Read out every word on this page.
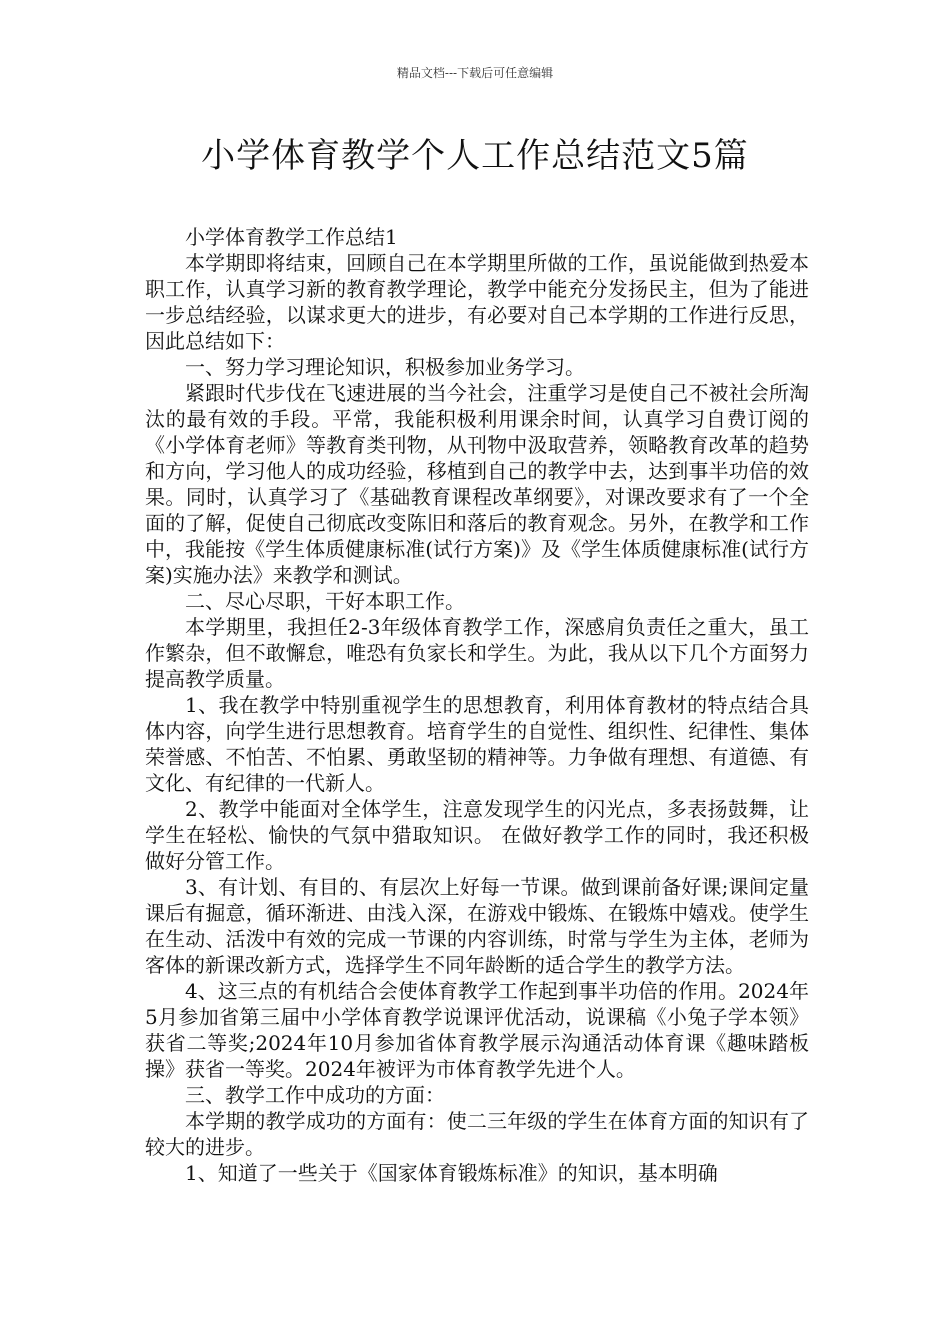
精品文档---下载后可任意编辑
小学体育教学个人工作总结范文5篇

小学体育教学工作总结1

本学期即将结束，回顾自己在本学期里所做的工作，虽说能做到热爱本职工作，认真学习新的教育教学理论，教学中能充分发扬民主，但为了能进一步总结经验，以谋求更大的进步，有必要对自己本学期的工作进行反思，因此总结如下：

一、努力学习理论知识，积极参加业务学习。

紧跟时代步伐在飞速进展的当今社会，注重学习是使自己不被社会所淘汰的最有效的手段。平常，我能积极利用课余时间，认真学习自费订阅的《小学体育老师》等教育类刊物，从刊物中汲取营养，领略教育改革的趋势和方向，学习他人的成功经验，移植到自己的教学中去，达到事半功倍的效果。同时，认真学习了《基础教育课程改革纲要》，对课改要求有了一个全面的了解，促使自己彻底改变陈旧和落后的教育观念。另外，在教学和工作中，我能按《学生体质健康标准(试行方案)》及《学生体质健康标准(试行方案)实施办法》来教学和测试。

二、尽心尽职，干好本职工作。

本学期里，我担任2-3年级体育教学工作，深感肩负责任之重大，虽工作繁杂，但不敢懈怠，唯恐有负家长和学生。为此，我从以下几个方面努力提高教学质量。

1、我在教学中特别重视学生的思想教育，利用体育教材的特点结合具体内容，向学生进行思想教育。培育学生的自觉性、组织性、纪律性、集体荣誉感、不怕苦、不怕累、勇敢坚韧的精神等。力争做有理想、有道德、有文化、有纪律的一代新人。

2、教学中能面对全体学生，注意发现学生的闪光点，多表扬鼓舞，让学生在轻松、愉快的气氛中猎取知识。 在做好教学工作的同时，我还积极做好分管工作。

3、有计划、有目的、有层次上好每一节课。做到课前备好课;课间定量课后有掘意，循环渐进、由浅入深，在游戏中锻炼、在锻炼中嬉戏。使学生在生动、活泼中有效的完成一节课的内容训练，时常与学生为主体，老师为客体的新课改新方式，选择学生不同年龄断的适合学生的教学方法。

4、这三点的有机结合会使体育教学工作起到事半功倍的作用。2024年5月参加省第三届中小学体育教学说课评优活动，说课稿《小兔子学本领》获省二等奖;2024年10月参加省体育教学展示沟通活动体育课《趣味踏板操》获省一等奖。2024年被评为市体育教学先进个人。

三、教学工作中成功的方面：

本学期的教学成功的方面有：使二三年级的学生在体育方面的知识有了较大的进步。

1、知道了一些关于《国家体育锻炼标准》的知识，基本明确
